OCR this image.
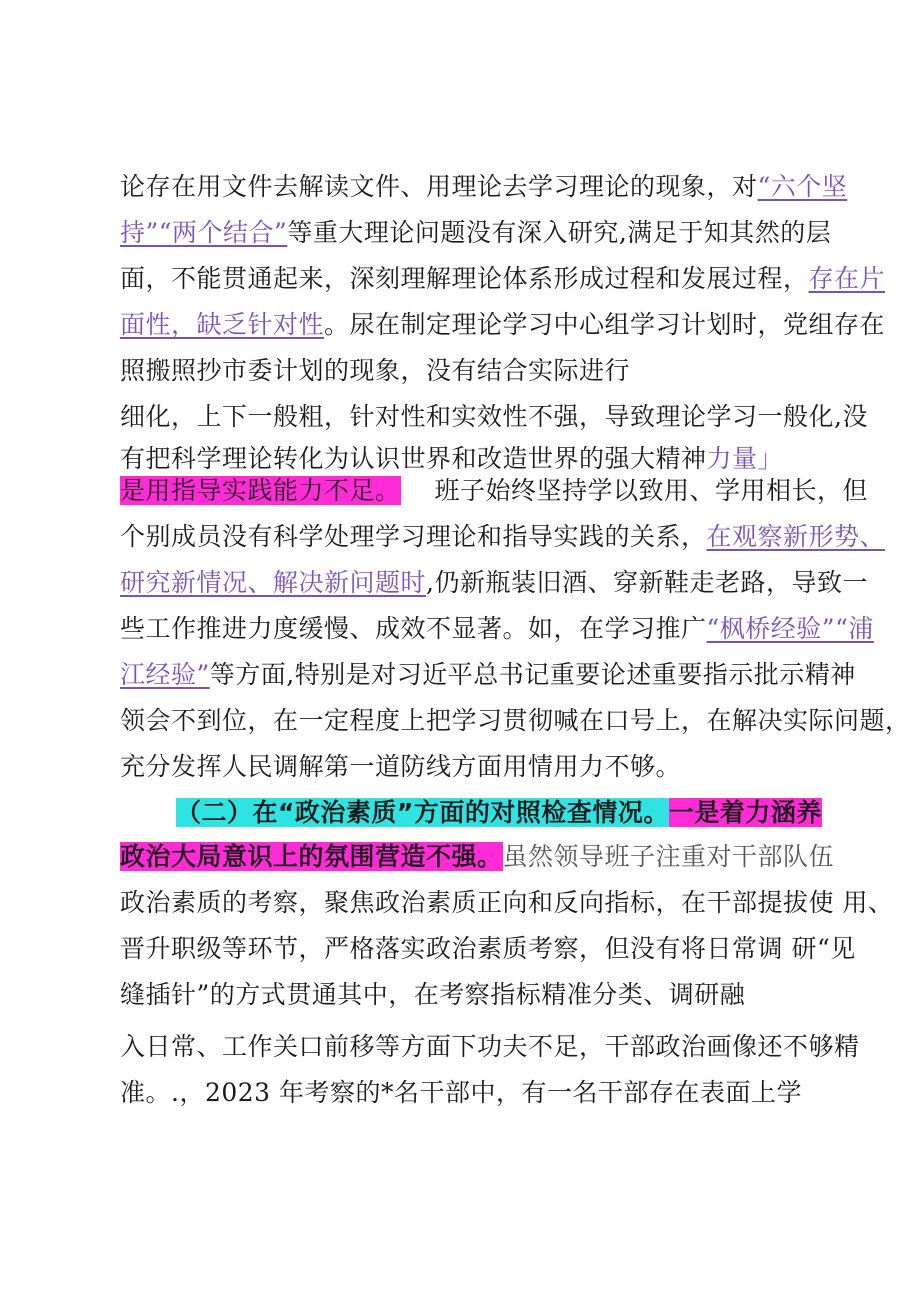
论存在用文件去解读文件、用理论去学习理论的现象，对“六个坚
持”“两个结合”等重大理论问题没有深入研究,满足于知其然的层
面，不能贯通起来，深刻理解理论体系形成过程和发展过程，存在片
面性，缺乏针对性。尿在制定理论学习中心组学习计划时，党组存在
照搬照抄市委计划的现象，没有结合实际进行
细化，上下一般粗，针对性和实效性不强，导致理论学习一般化,没
有把科学理论转化为认识世界和改造世界的强大精神力量」
是用指导实践能力不足。 班子始终坚持学以致用、学用相长，但
个别成员没有科学处理学习理论和指导实践的关系，在观察新形势、
研究新情况、解决新问题时,仍新瓶装旧酒、穿新鞋走老路，导致一
些工作推进力度缓慢、成效不显著。如，在学习推广“枫桥经验”“浦
江经验”等方面,特别是对习近平总书记重要论述重要指示批示精神
领会不到位，在一定程度上把学习贯彻喊在口号上，在解决实际问题，
充分发挥人民调解第一道防线方面用情用力不够。
（二）在“政治素质”方面的对照检查情况。一是着力涵养
政治大局意识上的氛围营造不强。虽然领导班子注重对干部队伍
政治素质的考察，聚焦政治素质正向和反向指标，在干部提拔使 用、
晋升职级等环节，严格落实政治素质考察，但没有将日常调 研“见
缝插针”的方式贯通其中，在考察指标精准分类、调研融
入日常、工作关口前移等方面下功夫不足，干部政治画像还不够精
准。.，2023 年考察的*名干部中，有一名干部存在表面上学
